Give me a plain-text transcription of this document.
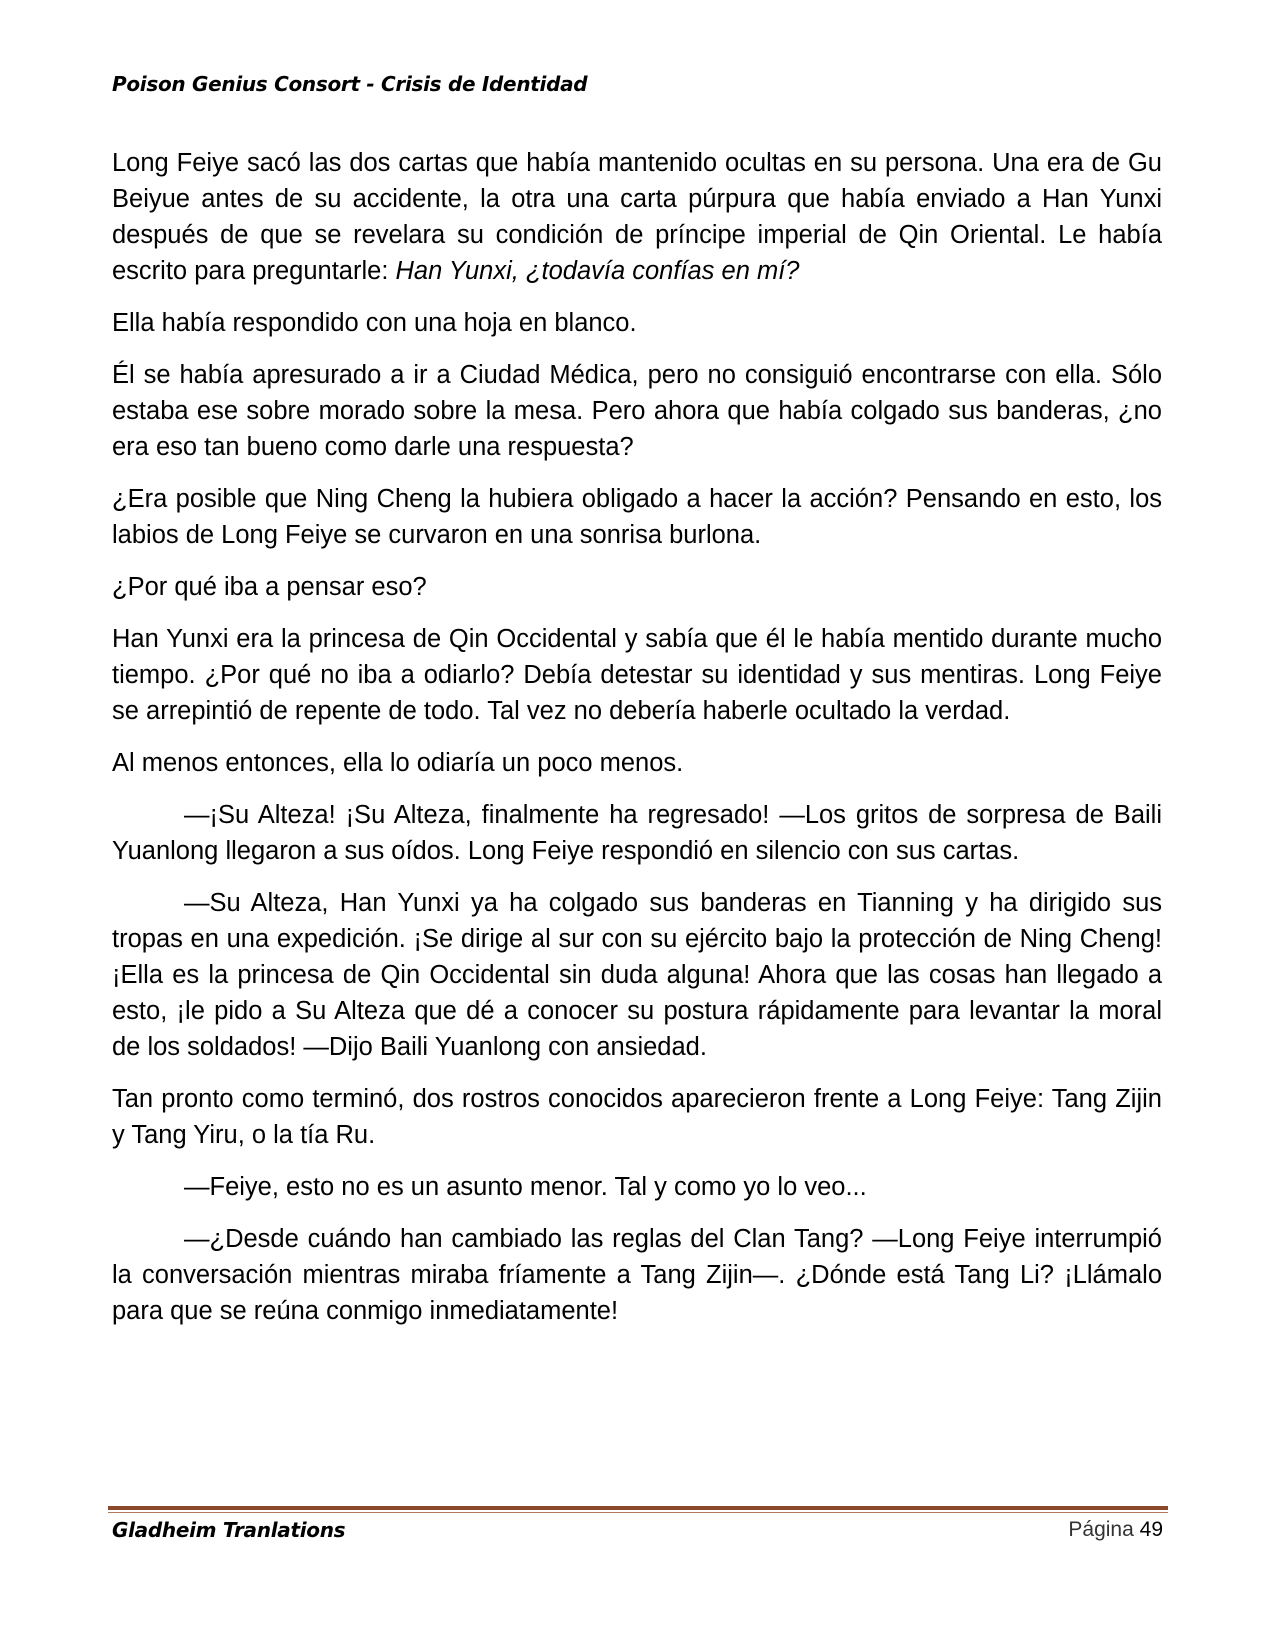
Poison Genius Consort - Crisis de Identidad

Long Feiye sacó las dos cartas que había mantenido ocultas en su persona. Una era de Gu Beiyue antes de su accidente, la otra una carta púrpura que había enviado a Han Yunxi después de que se revelara su condición de príncipe imperial de Qin Oriental. Le había escrito para preguntarle: Han Yunxi, ¿todavía confías en mí?

Ella había respondido con una hoja en blanco.

Él se había apresurado a ir a Ciudad Médica, pero no consiguió encontrarse con ella. Sólo estaba ese sobre morado sobre la mesa. Pero ahora que había colgado sus banderas, ¿no era eso tan bueno como darle una respuesta?

¿Era posible que Ning Cheng la hubiera obligado a hacer la acción? Pensando en esto, los labios de Long Feiye se curvaron en una sonrisa burlona.

¿Por qué iba a pensar eso?

Han Yunxi era la princesa de Qin Occidental y sabía que él le había mentido durante mucho tiempo. ¿Por qué no iba a odiarlo? Debía detestar su identidad y sus mentiras. Long Feiye se arrepintió de repente de todo. Tal vez no debería haberle ocultado la verdad.

Al menos entonces, ella lo odiaría un poco menos.

—¡Su Alteza! ¡Su Alteza, finalmente ha regresado! —Los gritos de sorpresa de Baili Yuanlong llegaron a sus oídos. Long Feiye respondió en silencio con sus cartas.

—Su Alteza, Han Yunxi ya ha colgado sus banderas en Tianning y ha dirigido sus tropas en una expedición. ¡Se dirige al sur con su ejército bajo la protección de Ning Cheng! ¡Ella es la princesa de Qin Occidental sin duda alguna! Ahora que las cosas han llegado a esto, ¡le pido a Su Alteza que dé a conocer su postura rápidamente para levantar la moral de los soldados! —Dijo Baili Yuanlong con ansiedad.

Tan pronto como terminó, dos rostros conocidos aparecieron frente a Long Feiye: Tang Zijin y Tang Yiru, o la tía Ru.

—Feiye, esto no es un asunto menor. Tal y como yo lo veo...

—¿Desde cuándo han cambiado las reglas del Clan Tang? —Long Feiye interrumpió la conversación mientras miraba fríamente a Tang Zijin—. ¿Dónde está Tang Li? ¡Llámalo para que se reúna conmigo inmediatamente!

Gladheim Tranlations	Página 49
